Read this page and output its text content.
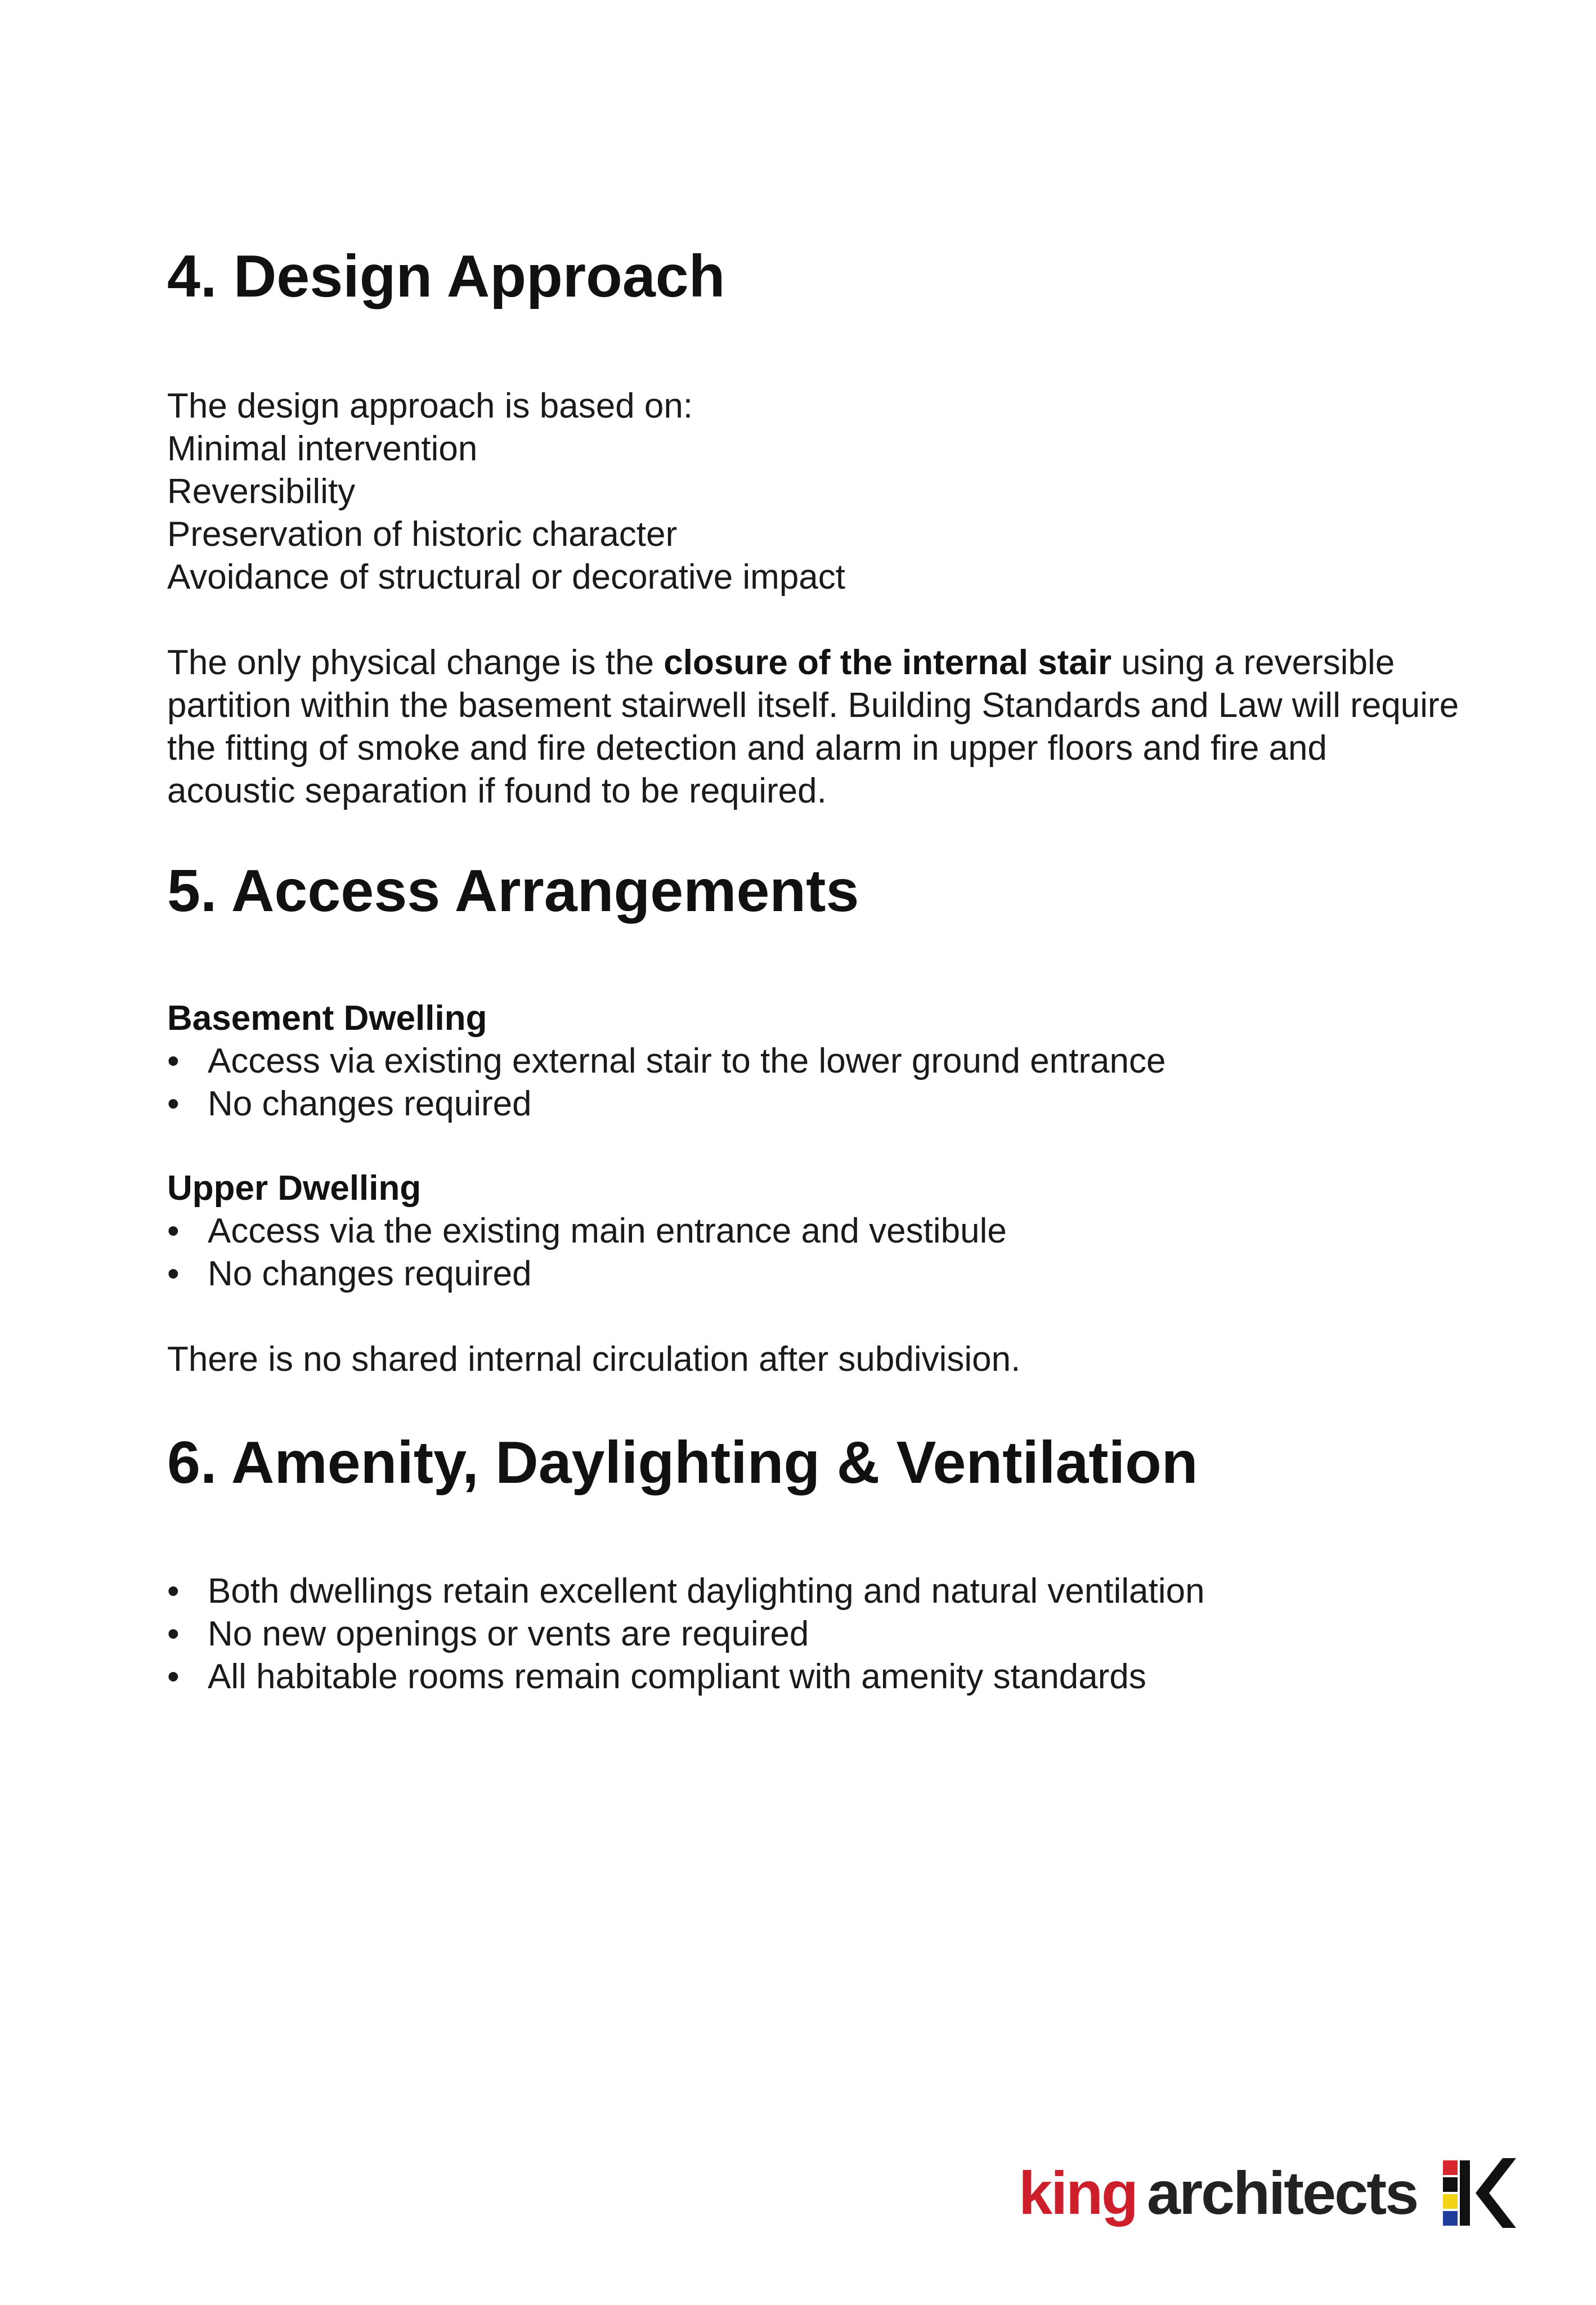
4. Design Approach
The design approach is based on:
Minimal intervention
Reversibility
Preservation of historic character
Avoidance of structural or decorative impact
The only physical change is the closure of the internal stair using a reversible
partition within the basement stairwell itself. Building Standards and Law will require
the fitting of smoke and fire detection and alarm in upper floors and fire and
acoustic separation if found to be required.
5. Access Arrangements
Basement Dwelling
• Access via existing external stair to the lower ground entrance
• No changes required
Upper Dwelling
• Access via the existing main entrance and vestibule
• No changes required
There is no shared internal circulation after subdivision.
6. Amenity, Daylighting & Ventilation
• Both dwellings retain excellent daylighting and natural ventilation
• No new openings or vents are required
• All habitable rooms remain compliant with amenity standards
king architects
